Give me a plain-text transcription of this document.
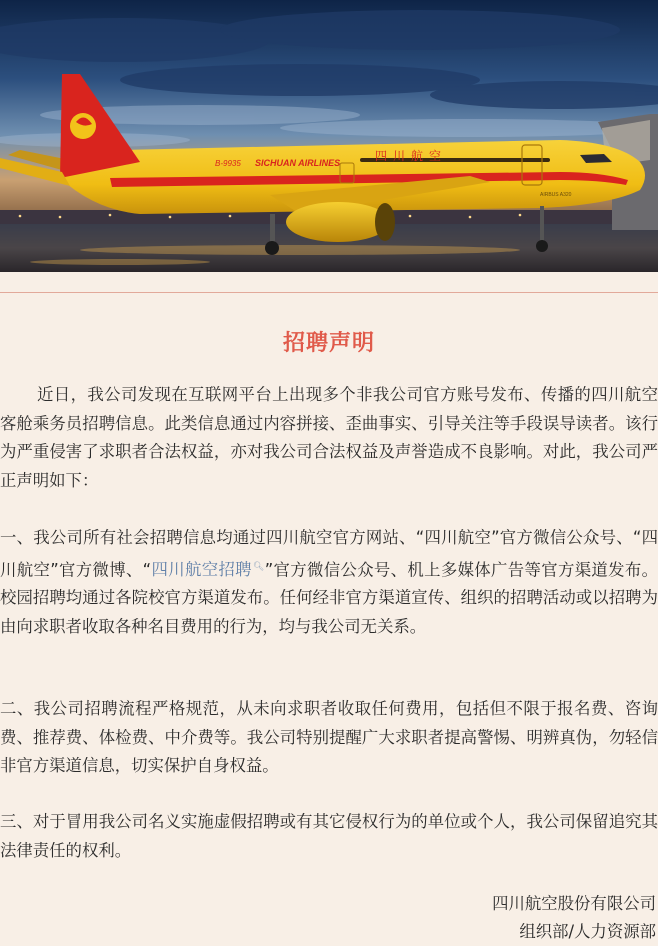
B-9935 SICHUAN AIRLINES	四川航空
AIRBUS A320
招聘声明

近日，我公司发现在互联网平台上出现多个非我公司官方账号发布、传播的四川航空客舱乘务员招聘信息。此类信息通过内容拼接、歪曲事实、引导关注等手段误导读者。该行为严重侵害了求职者合法权益，亦对我公司合法权益及声誉造成不良影响。对此，我公司严正声明如下：

一、我公司所有社会招聘信息均通过四川航空官方网站、“四川航空”官方微信公众号、“四川航空”官方微博、“四川航空招聘🔍︎”官方微信公众号、机上多媒体广告等官方渠道发布。校园招聘均通过各院校官方渠道发布。任何经非官方渠道宣传、组织的招聘活动或以招聘为由向求职者收取各种名目费用的行为，均与我公司无关系。

二、我公司招聘流程严格规范，从未向求职者收取任何费用，包括但不限于报名费、咨询费、推荐费、体检费、中介费等。我公司特别提醒广大求职者提高警惕、明辨真伪，勿轻信非官方渠道信息，切实保护自身权益。

三、对于冒用我公司名义实施虚假招聘或有其它侵权行为的单位或个人，我公司保留追究其法律责任的权利。

四川航空股份有限公司
组织部/人力资源部
